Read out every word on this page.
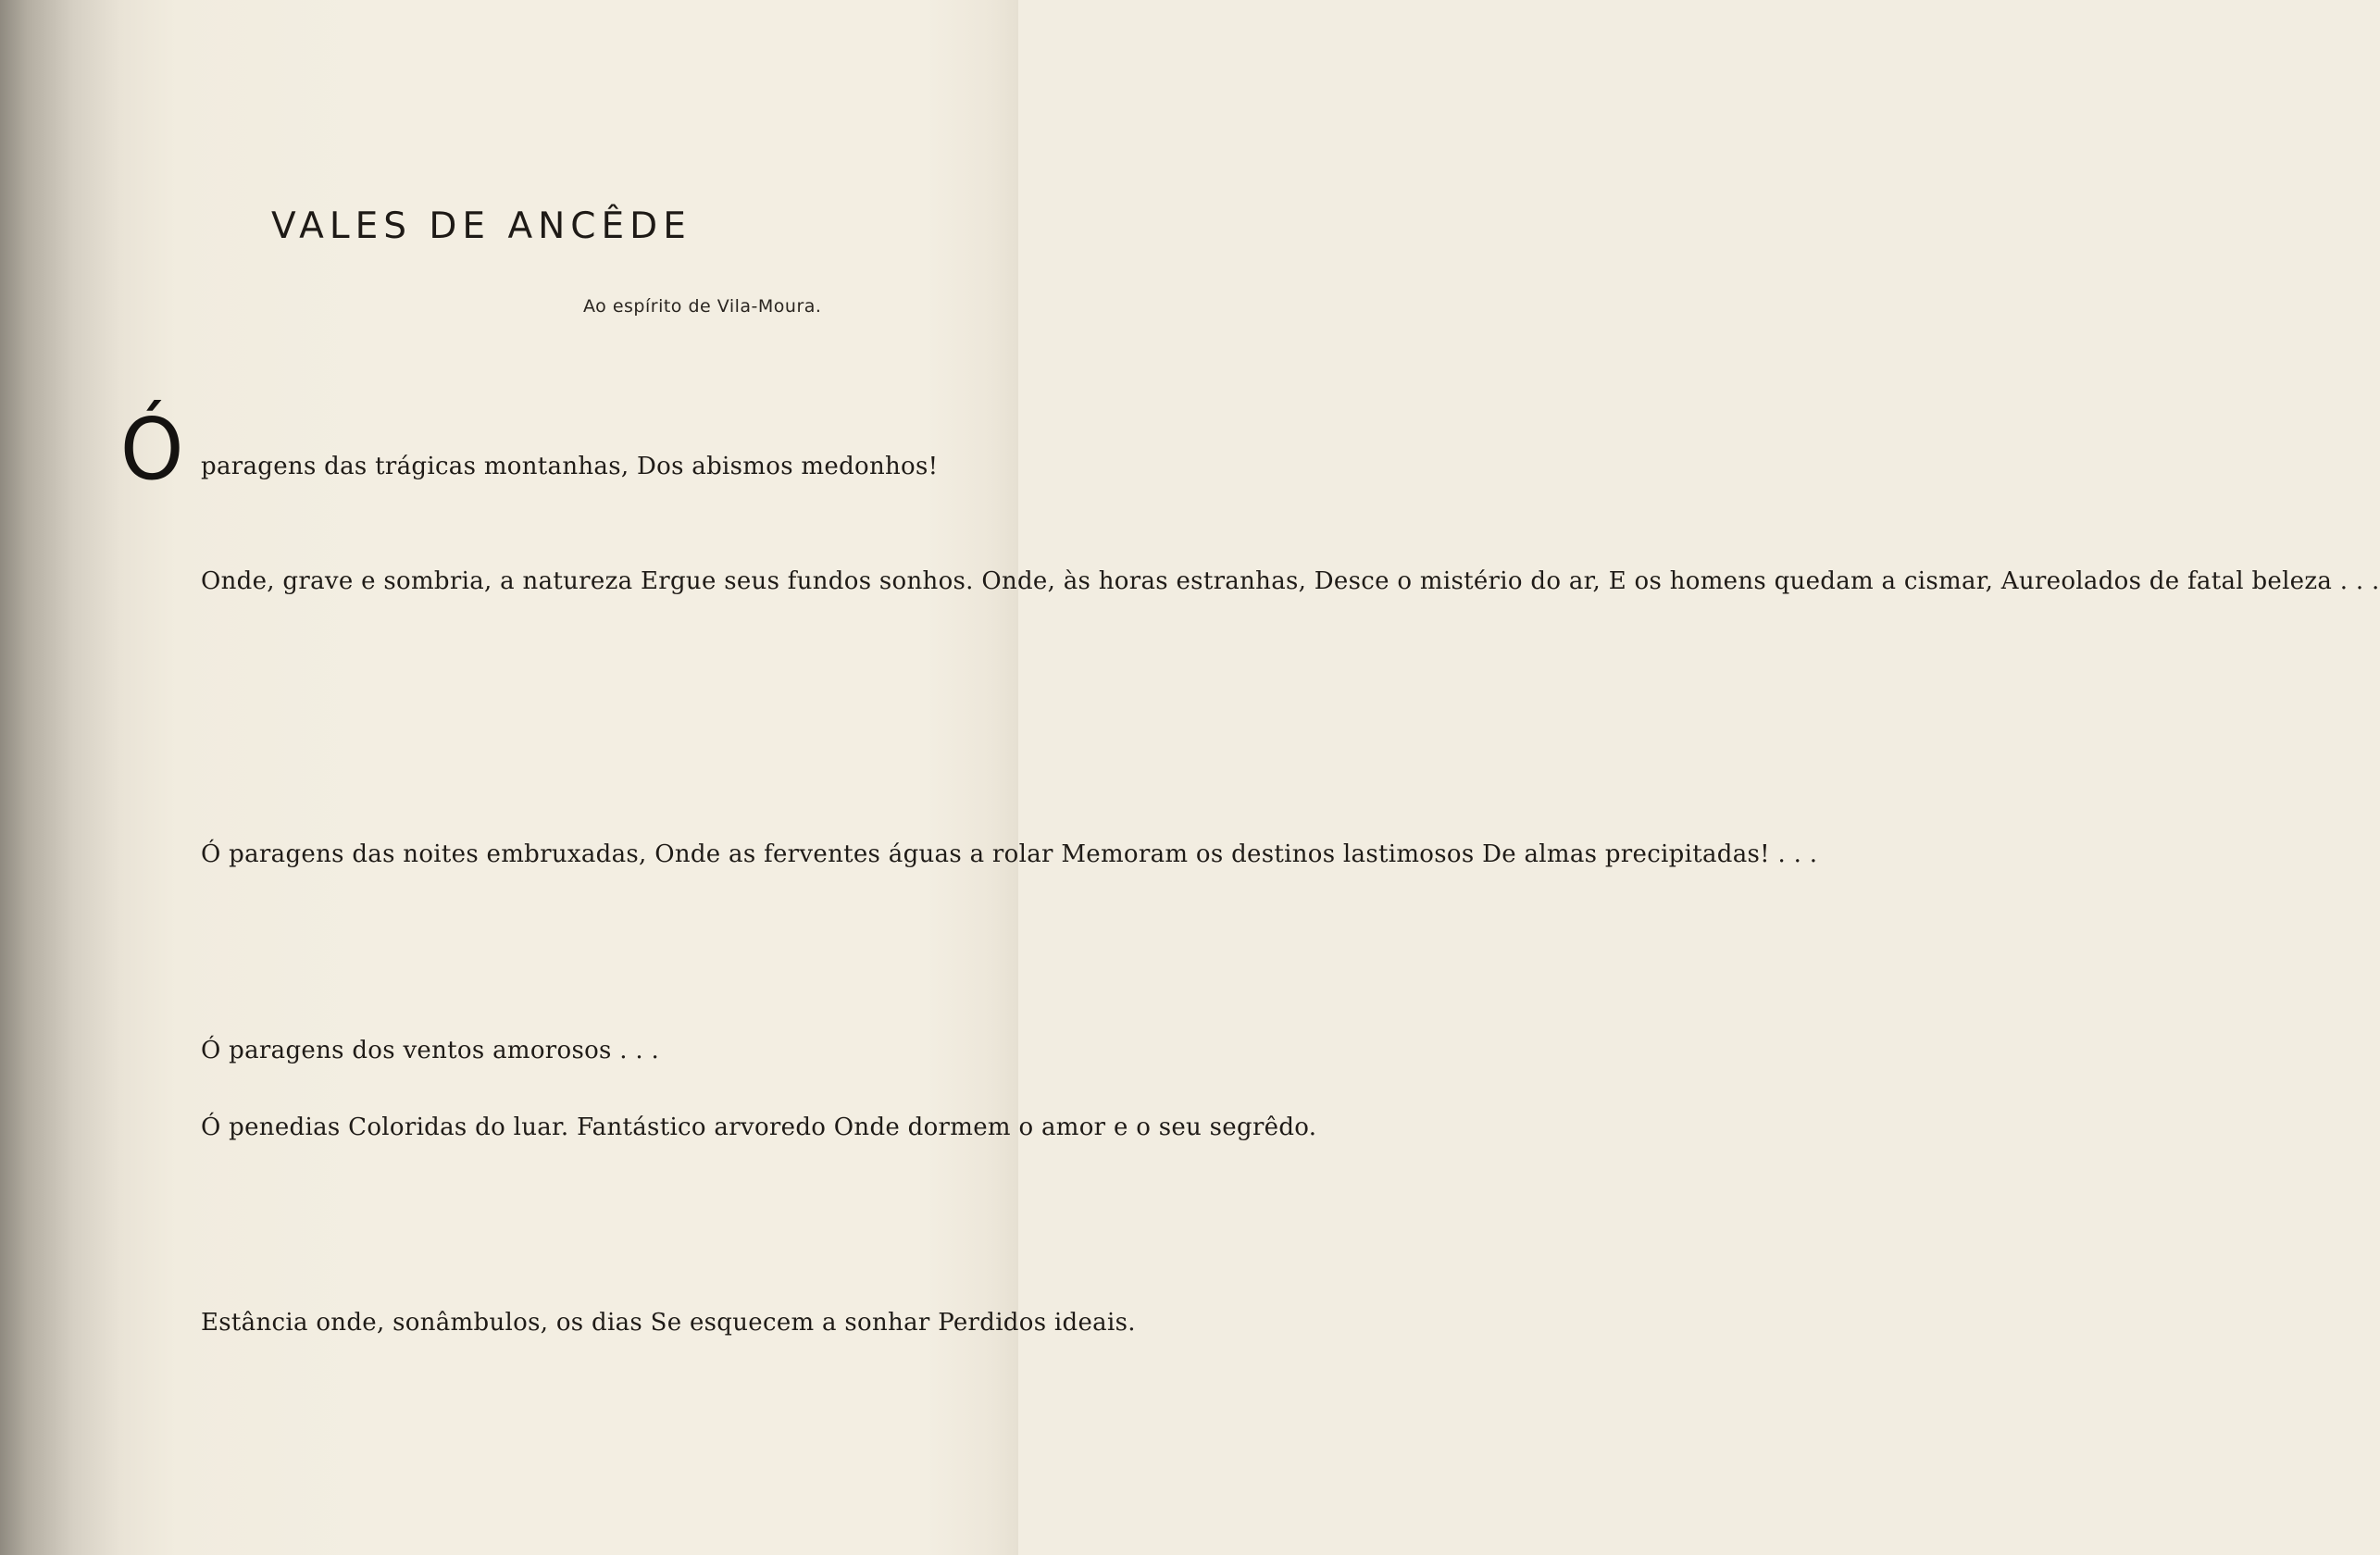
VALES DE ANCÊDE
Ao espírito de Vila-Moura.
Ó paragens das trágicas montanhas, Dos abismos medonhos!
Onde, grave e sombria, a natureza Ergue seus fundos sonhos. Onde, às horas estranhas, Desce o mistério do ar, E os homens quedam a cismar, Aureolados de fatal beleza . . .
Ó paragens das noites embruxadas, Onde as ferventes águas a rolar Memoram os destinos lastimosos De almas precipitadas! . . .
Ó paragens dos ventos amorosos . . .
Ó penedias Coloridas do luar. Fantástico arvoredo Onde dormem o amor e o seu segrêdo.
Estância onde, sonâmbulos, os dias Se esquecem a sonhar Perdidos ideais.
